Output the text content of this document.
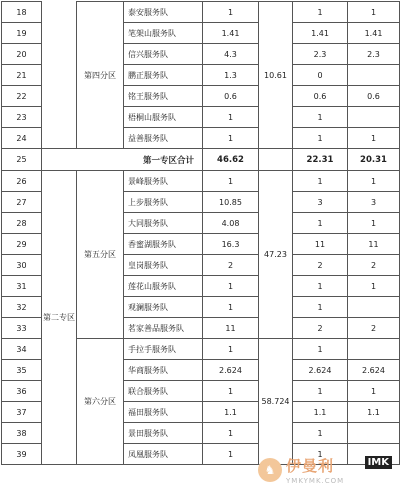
18		第四分区	泰安服务队	1	10.61	1	1
19			笔架山服务队	1.41		1.41	1.41
20			信兴服务队	4.3		2.3	2.3
21			鹏正服务队	1.3		0	
22			铭王服务队	0.6		0.6	0.6
23			梧桐山服务队	1		1	
24			益善服务队	1		1	1
25	第一专区合计			46.62		22.31	20.31
26	第二专区	第五分区	景峰服务队	1	47.23	1	1
27			上步服务队	10.85		3	3
28			大同服务队	4.08		1	1
29			香蜜湖服务队	16.3		11	11
30			皇岗服务队	2		2	2
31			莲花山服务队	1		1	1
32			观澜服务队	1		1	
33			茗家善品服务队	11		2	2
34		第六分区	手拉手服务队	1	58.724	1	
35			华商服务队	2.624		2.624	2.624
36			联合服务队	1		1	1
37			福田服务队	1.1		1.1	1.1
38			景田服务队	1		1	
39			凤凰服务队	1		1	
♞ 伊曼利
YMKYMK.COM
IMK
